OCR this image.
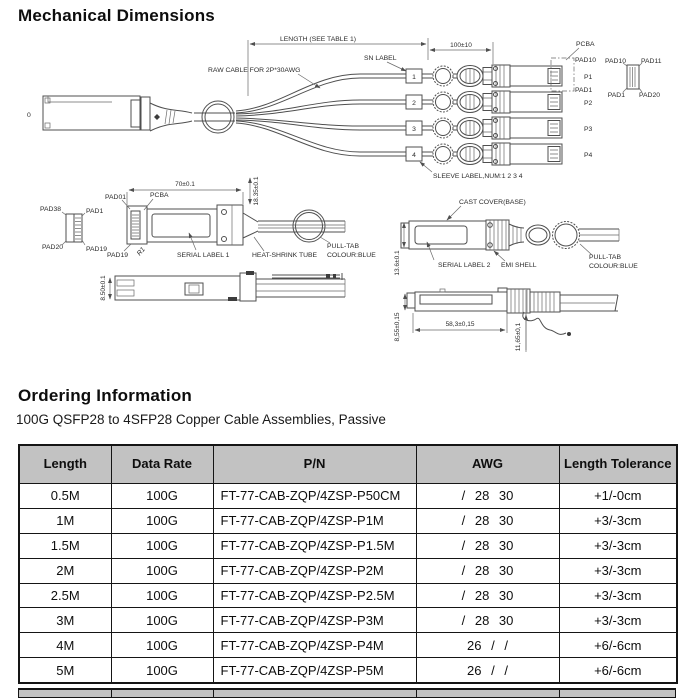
Mechanical Dimensions
0
1
2
3
4
LENGTH (SEE TABLE 1)
100±10
SN LABEL
RAW CABLE FOR 2P*30AWG
PCBA
PAD10
PAD1
P1
P2
P3
P4
PAD10 PAD11
PAD1 PAD20
SLEEVE LABEL,NUM:1 2 3 4
PAD38	PAD1
PAD20	PAD19
PAD01	PCBA
PAD19 R1	SERIAL LABEL 1	HEAT-SHRINK TUBE
PULL-TAB
COLOUR:BLUE
70±0.1	18.35±0.1
8.50±0.1
CAST COVER(BASE)
13.6±0.1	SERIAL LABEL 2 EMI SHELL
PULL-TAB
COLOUR:BLUE
8,55±0,15	58,3±0,15	11,65±0,1
Ordering Information

100G QSFP28 to 4SFP28 Copper Cable Assemblies, Passive

Length	Data Rate	P/N	AWG	Length Tolerance
0.5M	100G	FT-77-CAB-ZQP/4ZSP-P50CM	/ 28 30	+1/-0cm
1M	100G	FT-77-CAB-ZQP/4ZSP-P1M	/ 28 30	+3/-3cm
1.5M	100G	FT-77-CAB-ZQP/4ZSP-P1.5M	/ 28 30	+3/-3cm
2M	100G	FT-77-CAB-ZQP/4ZSP-P2M	/ 28 30	+3/-3cm
2.5M	100G	FT-77-CAB-ZQP/4ZSP-P2.5M	/ 28 30	+3/-3cm
3M	100G	FT-77-CAB-ZQP/4ZSP-P3M	/ 28 30	+3/-3cm
4M	100G	FT-77-CAB-ZQP/4ZSP-P4M	26 / /	+6/-6cm
5M	100G	FT-77-CAB-ZQP/4ZSP-P5M	26 / /	+6/-6cm
